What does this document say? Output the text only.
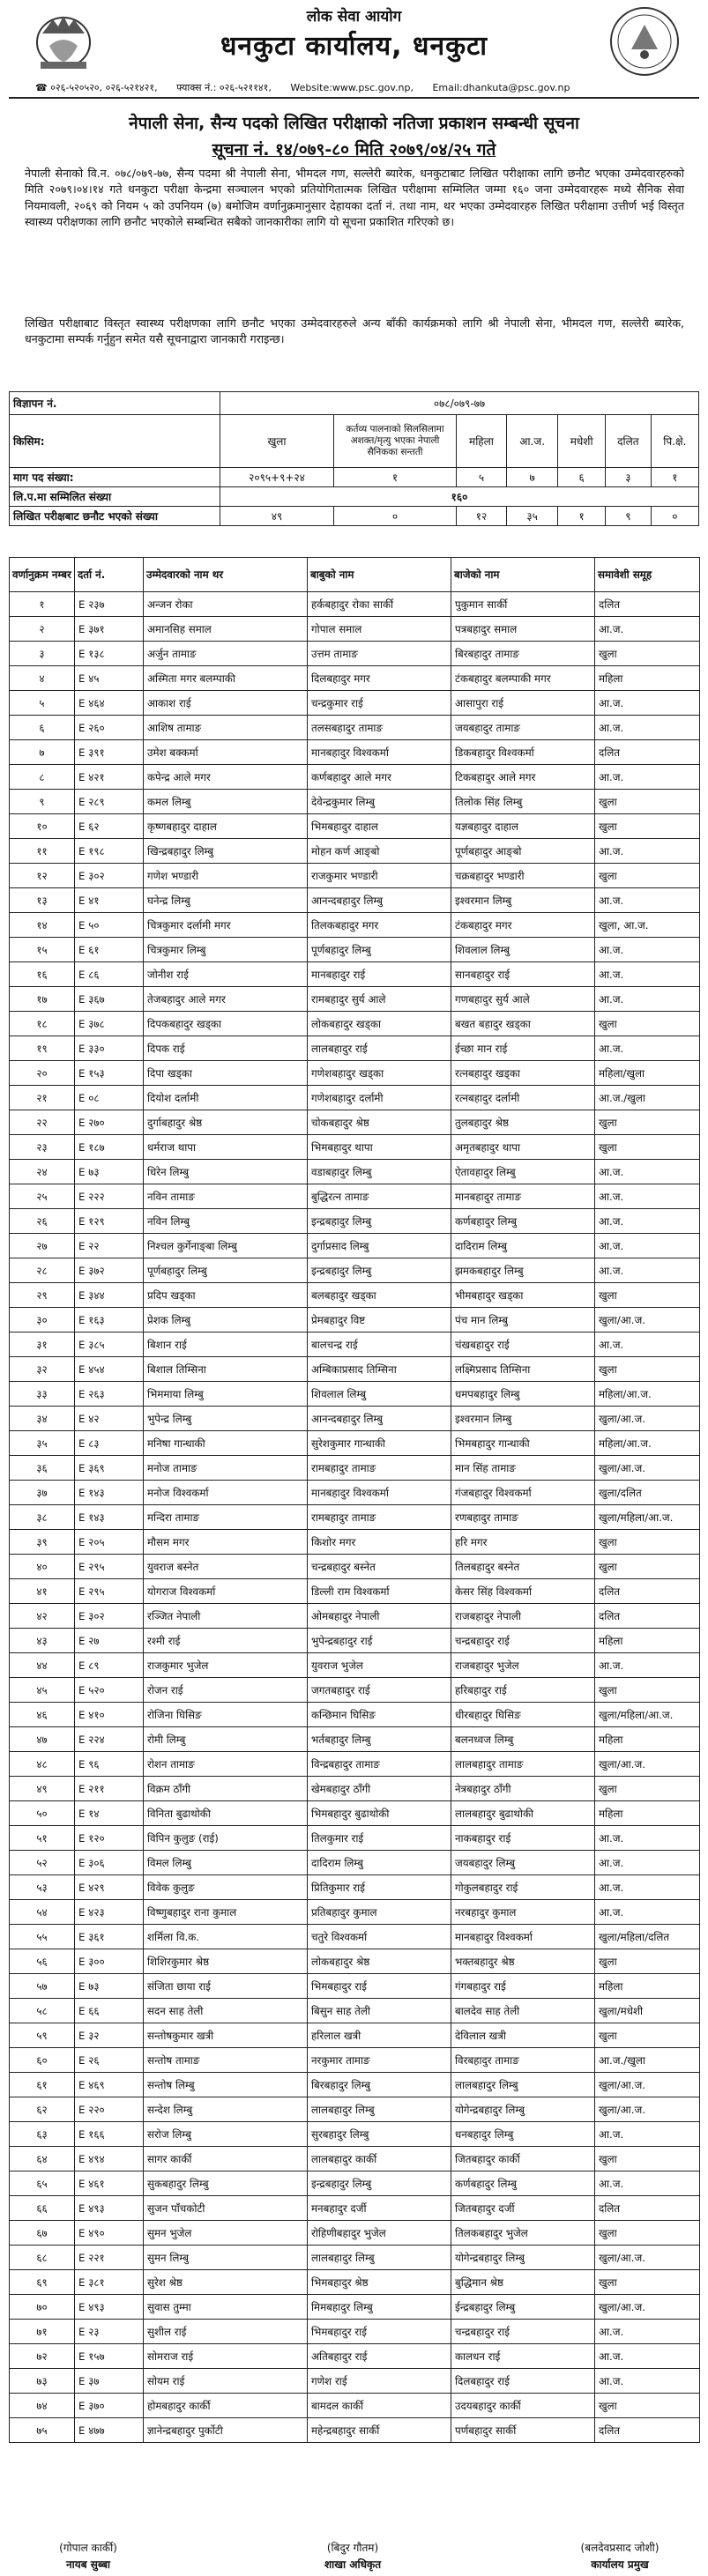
लोक सेवा आयोग
धनकुटा कार्यालय, धनकुटा
☎ ०२६-५२०५२०, ०२६-५२१४२१, फ्याक्स नं.: ०२६-५२११४१, Website:www.psc.gov.np, Email:dhankuta@psc.gov.np
नेपाली सेना, सैन्य पदको लिखित परीक्षाको नतिजा प्रकाशन सम्बन्धी सूचना
सूचना नं. १४/०७९-८० मिति २०७९/०४/२५ गते
नेपाली सेनाको वि.न. ०७८/०७९-७७, सैन्य पदमा श्री नेपाली सेना, भीमदल गण, सल्लेरी ब्यारेक, धनकुटाबाट लिखित परीक्षाका लागि छनौट भएका उम्मेदवारहरुको मिति २०७९।०४।१४ गते धनकुटा परीक्षा केन्द्रमा सञ्चालन भएको प्रतियोगितात्मक लिखित परीक्षामा सम्मिलित जम्मा १६० जना उम्मेदवारहरू मध्ये सैनिक सेवा नियमावली, २०६९ को नियम ५ को उपनियम (७) बमोजिम वर्णानुक्रमानुसार देहायका दर्ता नं. तथा नाम, थर भएका उम्मेदवारहरु लिखित परीक्षामा उत्तीर्ण भई विस्तृत स्वास्थ्य परीक्षणका लागि छनौट भएकोले सम्बन्धित सबैको जानकारीका लागि यो सूचना प्रकाशित गरिएको छ।
लिखित परीक्षाबाट विस्तृत स्वास्थ्य परीक्षणका लागि छनौट भएका उम्मेदवारहरुले अन्य बाँकी कार्यक्रमको लागि श्री नेपाली सेना, भीमदल गण, सल्लेरी ब्यारेक, धनकुटामा सम्पर्क गर्नुहुन समेत यसै सूचनाद्वारा जानकारी गराइन्छ।
विज्ञापन नं.	०७८/०७९-७७						
किसिम:	खुला	कर्तव्य पालनाको सिलसिलामा अशक्त/मृत्यु भएका नेपाली सैनिकका सन्तती	महिला	आ.ज.	मधेशी	दलित	पि.क्षे.
माग पद संख्या:	२०९५+९+२४	१	५	७	६	३	१
लि.प.मा सम्मिलित संख्या	१६०						
लिखित परीक्षबाट छनौट भएको संख्या	४९	०	१२	३५	१	९	०
वर्णानुक्रम नम्बर	दर्ता नं.	उम्मेदवारको नाम थर	बाबुको नाम	बाजेको नाम	समावेशी समूह
१	E २३७	अन्जन रोका	हर्कबहादुर रोका सार्की	पुकुमान सार्की	दलित
२	E ३७१	अमानसिह समाल	गोपाल समाल	पत्रबहादुर समाल	आ.ज.
३	E १३८	अर्जुन तामाङ	उत्तम तामाङ	बिरबहादुर तामाङ	खुला
४	E ४५	अस्मिता मगर बलम्पाकी	दिलबहादुर मगर	टंकबहादुर बलम्पाकी मगर	महिला
५	E ४६४	आकाश राई	चन्द्रकुमार राई	आसापुरा राई	आ.ज.
६	E २६०	आशिष तामाङ	तलसबहादुर तामाङ	जयबहादुर तामाङ	आ.ज.
७	E ३९१	उमेश बक्कर्मा	मानबहादुर विश्वकर्मा	डिकबहादुर विश्वकर्मा	दलित
८	E ४२१	कपेन्द्र आले मगर	कर्णबहादुर आले मगर	टिकबहादुर आले मगर	आ.ज.
९	E २८९	कमल लिम्बु	देवेन्द्रकुमार लिम्बु	तिलोक सिंह लिम्बु	खुला
१०	E ६२	कृष्णबहादुर दाहाल	भिमबहादुर दाहाल	यज्ञबहादुर दाहाल	खुला
११	E १९८	खिन्द्रबहादुर लिम्बु	मोहन कर्ण आङ्बो	पूर्णबहादुर आङ्बो	आ.ज.
१२	E ३०२	गणेश भण्डारी	राजकुमार भण्डारी	चक्रबहादुर भण्डारी	खुला
१३	E ४१	घनेन्द्र लिम्बु	आनन्दबहादुर लिम्बु	इश्वरमान लिम्बु	आ.ज.
१४	E ५०	चित्रकुमार दर्लामी मगर	तिलकबहादुर मगर	टंकबहादुर मगर	खुला, आ.ज.
१५	E ६१	चित्रकुमार लिम्बु	पूर्णबहादुर लिम्बु	शिवलाल लिम्बु	आ.ज.
१६	E ८६	जोनीश राई	मानबहादुर राई	सानबहादुर राई	आ.ज.
१७	E ३६७	तेजबहादुर आले मगर	रामबहादुर सुर्य आले	गणबहादुर सुर्य आले	आ.ज.
१८	E ३७८	दिपकबहादुर खड्का	लोकबहादुर खड्का	बखत बहादुर खड्का	खुला
१९	E ३३०	दिपक राई	लालबहादुर राई	ईच्छा मान राई	आ.ज.
२०	E १५३	दिपा खड्का	गणेशबहादुर खड्का	रत्नबहादुर खड्का	महिला/खुला
२१	E ०८	दियोश दर्लामी	गणेशबहादुर दर्लामी	रत्नबहादुर दर्लामी	आ.ज./खुला
२२	E २७०	दुर्गाबहादुर श्रेष्ठ	चोकबहादुर श्रेष्ठ	तुलबहादुर श्रेष्ठ	खुला
२३	E १८७	धर्मराज थापा	भिमबहादुर थापा	अमृतबहादुर थापा	खुला
२४	E ७३	धिरेन लिम्बु	वडाबहादुर लिम्बु	ऐतावहादुर लिम्बु	आ.ज.
२५	E २२२	नविन तामाङ	बुद्धिरत्न तामाङ	मानबहादुर तामाङ	आ.ज.
२६	E १२९	नविन लिम्बु	इन्द्रबहादुर लिम्बु	कर्णबहादुर लिम्बु	आ.ज.
२७	E २२	निश्चल कुर्गेनाङ्बा लिम्बु	दुर्गाप्रसाद लिम्बु	दादिराम लिम्बु	आ.ज.
२८	E ३७२	पूर्णबहादुर लिम्बु	इन्द्रबहादुर लिम्बु	झमकबहादुर लिम्बु	आ.ज.
२९	E ३४४	प्रदिप खड्का	बलबहादुर खड्का	भीमबहादुर खड्का	खुला
३०	E १६३	प्रेशक लिम्बु	प्रेमबहादुर विष्ट	पंच मान लिम्बु	खुला/आ.ज.
३१	E ३८५	बिशान राई	बालचन्द्र राई	चंखबहादुर राई	आ.ज.
३२	E ४५४	बिशाल तिम्सिना	अम्बिकाप्रसाद तिम्सिना	लक्ष्मिप्रसाद तिम्सिना	खुला
३३	E २६३	भिममाया लिम्बु	शिवलाल लिम्बु	धमपबहादुर लिम्बु	महिला/आ.ज.
३४	E ४२	भुपेन्द्र लिम्बु	आनन्दबहादुर लिम्बु	इश्वरमान लिम्बु	खुला/आ.ज.
३५	E ८३	मनिषा गान्धाकी	सुरेशकुमार गान्धाकी	भिमबहादुर गान्धाकी	महिला/आ.ज.
३६	E ३६९	मनोज तामाङ	रामबहादुर तामाङ	मान सिंह तामाङ	खुला/आ.ज.
३७	E १४३	मनोज विश्वकर्मा	मानबहादुर विश्वकर्मा	गंजबहादुर विश्वकर्मा	खुला/दलित
३८	E १४३	मन्दिरा तामाङ	रामबहादुर तामाङ	रणबहादुर तामाङ	खुला/महिला/आ.ज.
३९	E २०५	मौसम मगर	किशोर मगर	हरि मगर	खुला
४०	E २९५	युवराज बस्नेत	चन्द्रबहादुर बस्नेत	तिलबहादुर बस्नेत	खुला
४१	E २९५	योगराज विश्वकर्मा	डिल्ली राम विश्वकर्मा	केसर सिंह विश्वकर्मा	दलित
४२	E ३०२	रञ्जित नेपाली	ओमबहादुर नेपाली	राजबहादुर नेपाली	दलित
४३	E २७	रश्मी राई	भुपेन्द्रबहादुर राई	चन्द्रबहादुर राई	महिला
४४	E ८९	राजकुमार भुजेल	युवराज भुजेल	राजबहादुर भुजेल	आ.ज.
४५	E ५२०	रोजन राई	जगतबहादुर राई	हरिबहादुर राई	खुला
४६	E ४१०	रोजिना घिसिङ	कन्छिमान घिसिङ	धीरबहादुर घिसिङ	खुला/महिला/आ.ज.
४७	E २२४	रोमी लिम्बु	भर्तबहादुर लिम्बु	बलनध्वज लिम्बु	महिला
४८	E ९६	रोशन तामाङ	विन्द्रबहादुर तामाङ	लालबहादुर तामाङ	खुला/आ.ज.
४९	E २११	विक्रम ठाँगी	खेमबहादुर ठाँगी	नेत्रबहादुर ठाँगी	खुला
५०	E १४	विनिता बुढाथोकी	भिमबहादुर बुढाथोकी	लालबहादुर बुढाथोकी	महिला
५१	E १२०	विपिन कुलुङ (राई)	तिलकुमार राई	नाकबहादुर राई	आ.ज.
५२	E ३०६	विमल लिम्बु	दादिराम लिम्बु	जयबहादुर लिम्बु	आ.ज.
५३	E ४२९	विवेक कुलुङ	प्रितिकुमार राई	गोकुलबहादुर राई	आ.ज.
५४	E ४२३	विष्णुबहादुर राना कुमाल	प्रतिबहादुर कुमाल	नरबहादुर कुमाल	आ.ज.
५५	E ३६१	शर्मिला वि.क.	चतुरे विश्वकर्मा	मानबहादुर विश्वकर्मा	खुला/महिला/दलित
५६	E ३००	शिशिरकुमार श्रेष्ठ	लोकबहादुर श्रेष्ठ	भक्तबहादुर श्रेष्ठ	खुला
५७	E ७३	संजिता छाया राई	भिमबहादुर राई	गंगबहादुर राई	महिला
५८	E ६६	सदन साह तेली	बिसुन साह तेली	बालदेव साह तेली	खुला/मधेशी
५९	E ३२	सन्तोषकुमार खत्री	हरिलाल खत्री	देविलाल खत्री	खुला
६०	E २६	सन्तोष तामाङ	नरकुमार तामाङ	विरबहादुर तामाङ	आ.ज./खुला
६१	E ४६९	सन्तोष लिम्बु	बिरबहादुर लिम्बु	लालबहादुर लिम्बु	खुला/आ.ज.
६२	E २२०	सन्देश लिम्बु	लालबहादुर लिम्बु	योगेन्द्रबहादुर लिम्बु	खुला/आ.ज.
६३	E १६६	सरोज लिम्बु	सुरबहादुर लिम्बु	धनबहादुर लिम्बु	आ.ज.
६४	E ४९४	सागर कार्की	लालबहादुर कार्की	जितबहादुर कार्की	खुला
६५	E ४६१	सुकबहादुर लिम्बु	इन्द्रबहादुर लिम्बु	कर्णबहादुर लिम्बु	आ.ज.
६६	E ४९३	सुजन पाँचकोटी	मनबहादुर दर्जी	जितबहादुर दर्जी	दलित
६७	E ४९०	सुमन भुजेल	रोहिणीबहादुर भुजेल	तिलकबहादुर भुजेल	खुला
६८	E २२१	सुमन लिम्बु	लालबहादुर लिम्बु	योगेन्द्रबहादुर लिम्बु	खुला/आ.ज.
६९	E ३८१	सुरेश श्रेष्ठ	भिमबहादुर श्रेष्ठ	बुद्धिमान श्रेष्ठ	खुला
७०	E ४९३	सुवास तुम्मा	मिमबहादुर लिम्बु	ईन्द्रबहादुर लिम्बु	खुला/आ.ज.
७१	E २३	सुशील राई	भिमबहादुर राई	चन्द्रबहादुर राई	आ.ज.
७२	E १५७	सोमराज राई	अतिबहादुर राई	कालधन राई	आ.ज.
७३	E ३७	सोयम राई	गणेश राई	दिलबहादुर राई	आ.ज.
७४	E ३७०	होमबहादुर कार्की	बामदल कार्की	उदयबहादुर कार्की	खुला
७५	E ४७७	ज्ञानेन्द्रबहादुर पुर्कोटी	महेन्द्रबहादुर सार्की	पर्णबहादुर सार्की	दलित
(गोपाल कार्की)
नायब सुब्बा
(बिदुर गौतम)
शाखा अधिकृत
(बलदेवप्रसाद जोशी)
कार्यालय प्रमुख
